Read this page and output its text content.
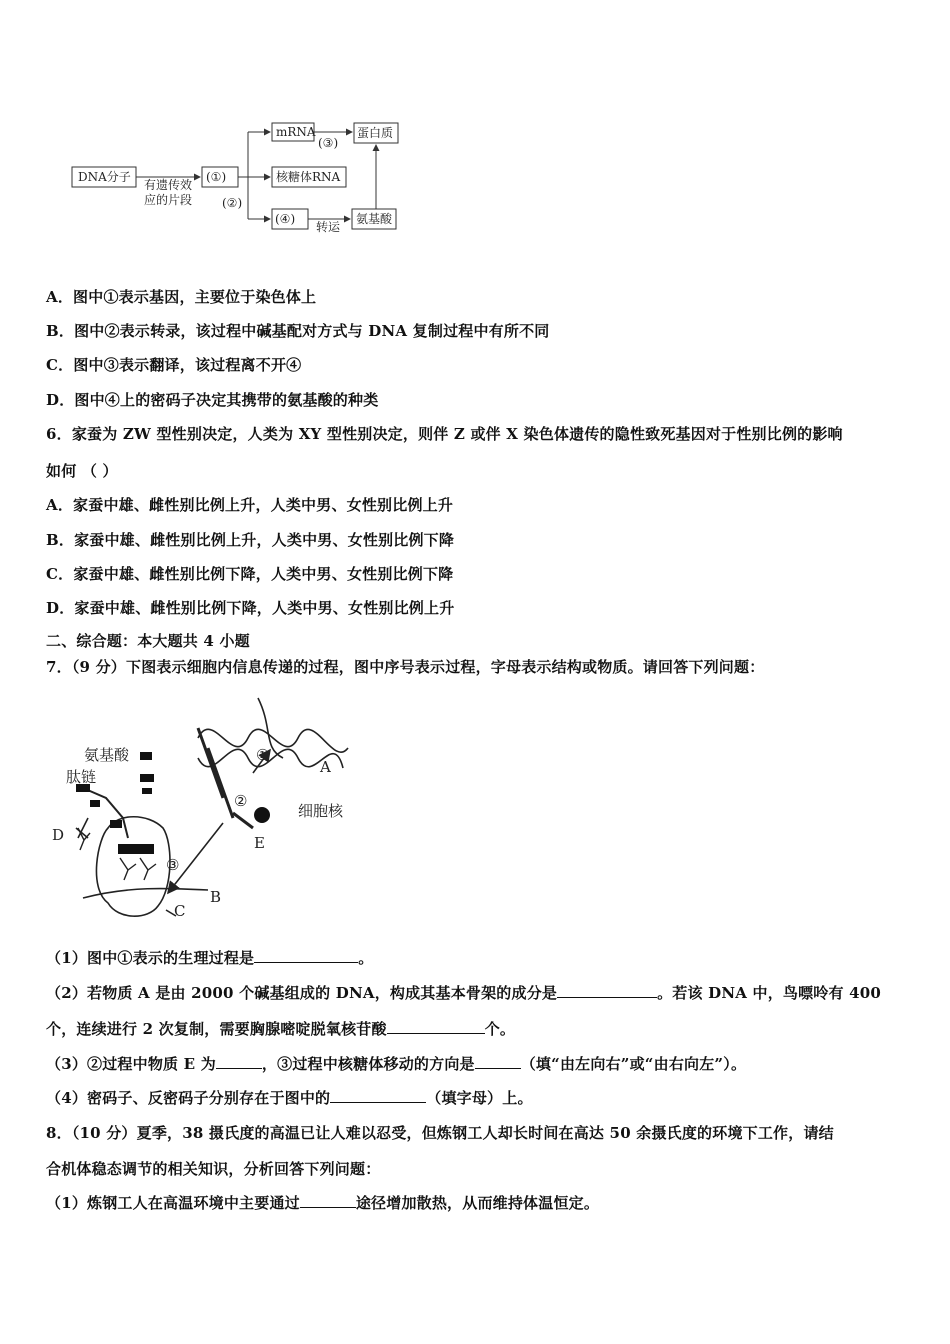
DNA分子
有遗传效
应的片段
(①)
(②)
mRNA
(③)
蛋白质
核糖体RNA
(④)
转运
氨基酸
A．图中①表示基因，主要位于染色体上
B．图中②表示转录，该过程中碱基配对方式与 DNA 复制过程中有所不同
C．图中③表示翻译，该过程离不开④
D．图中④上的密码子决定其携带的氨基酸的种类
6．家蚕为 ZW 型性别决定，人类为 XY 型性别决定，则伴 Z 或伴 X 染色体遗传的隐性致死基因对于性别比例的影响
如何 （ ）
A．家蚕中雄、雌性别比例上升，人类中男、女性别比例上升
B．家蚕中雄、雌性别比例上升，人类中男、女性别比例下降
C．家蚕中雄、雌性别比例下降，人类中男、女性别比例下降
D．家蚕中雄、雌性别比例下降，人类中男、女性别比例上升
二、综合题：本大题共 4 小题
7．（9 分）下图表示细胞内信息传递的过程，图中序号表示过程，字母表示结构或物质。请回答下列问题：
氨基酸
肽链
D
①
②
③
A
细胞核
E
B
C
（1）图中①表示的生理过程是	。
（2）若物质 A 是由 2000 个碱基组成的 DNA，构成其基本骨架的成分是	。若该 DNA 中，鸟嘌呤有 400
个，连续进行 2 次复制，需要胸腺嘧啶脱氧核苷酸	个。
（3）②过程中物质 E 为	，③过程中核糖体移动的方向是	（填“由左向右”或“由右向左”）。
（4）密码子、反密码子分别存在于图中的	（填字母）上。
8．（10 分）夏季，38 摄氏度的高温已让人难以忍受，但炼钢工人却长时间在高达 50 余摄氏度的环境下工作，请结
合机体稳态调节的相关知识，分析回答下列问题：
（1）炼钢工人在高温环境中主要通过	途径增加散热，从而维持体温恒定。
